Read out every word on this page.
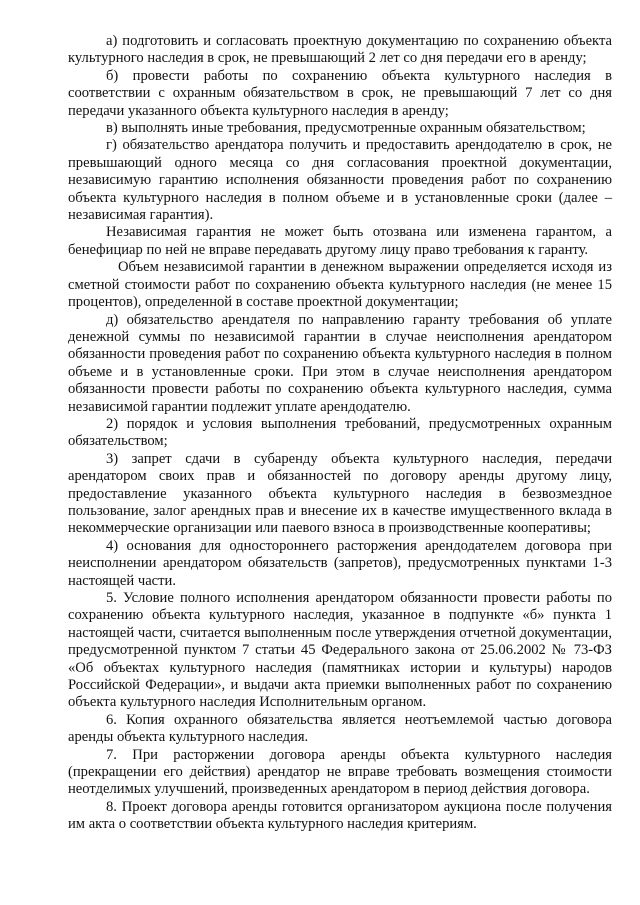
а) подготовить и согласовать проектную документацию по сохранению объекта культурного наследия в срок, не превышающий 2 лет со дня передачи его в аренду;

б) провести работы по сохранению объекта культурного наследия в соответствии с охранным обязательством в срок, не превышающий 7 лет со дня передачи указанного объекта культурного наследия в аренду;

в) выполнять иные требования, предусмотренные охранным обязательством;

г) обязательство арендатора получить и предоставить арендодателю в срок, не превышающий одного месяца со дня согласования проектной документации, независимую гарантию исполнения обязанности проведения работ по сохранению объекта культурного наследия в полном объеме и в установленные сроки (далее – независимая гарантия).

Независимая гарантия не может быть отозвана или изменена гарантом, а бенефициар по ней не вправе передавать другому лицу право требования к гаранту.

Объем независимой гарантии в денежном выражении определяется исходя из сметной стоимости работ по сохранению объекта культурного наследия (не менее 15 процентов), определенной в составе проектной документации;

д) обязательство арендателя по направлению гаранту требования об уплате денежной суммы по независимой гарантии в случае неисполнения арендатором обязанности проведения работ по сохранению объекта культурного наследия в полном объеме и в установленные сроки. При этом в случае неисполнения арендатором обязанности провести работы по сохранению объекта культурного наследия, сумма независимой гарантии подлежит уплате арендодателю.

2) порядок и условия выполнения требований, предусмотренных охранным обязательством;

3) запрет сдачи в субаренду объекта культурного наследия, передачи арендатором своих прав и обязанностей по договору аренды другому лицу, предоставление указанного объекта культурного наследия в безвозмездное пользование, залог арендных прав и внесение их в качестве имущественного вклада в некоммерческие организации или паевого взноса в производственные кооперативы;

4) основания для одностороннего расторжения арендодателем договора при неисполнении арендатором обязательств (запретов), предусмотренных пунктами 1-3 настоящей части.

5. Условие полного исполнения арендатором обязанности провести работы по сохранению объекта культурного наследия, указанное в подпункте «б» пункта 1 настоящей части, считается выполненным после утверждения отчетной документации, предусмотренной пунктом 7 статьи 45 Федерального закона от 25.06.2002 № 73-ФЗ «Об объектах культурного наследия (памятниках истории и культуры) народов Российской Федерации», и выдачи акта приемки выполненных работ по сохранению объекта культурного наследия Исполнительным органом.

6. Копия охранного обязательства является неотъемлемой частью договора аренды объекта культурного наследия.

7. При расторжении договора аренды объекта культурного наследия (прекращении его действия) арендатор не вправе требовать возмещения стоимости неотделимых улучшений, произведенных арендатором в период действия договора.

8. Проект договора аренды готовится организатором аукциона после получения им акта о соответствии объекта культурного наследия критериям.
